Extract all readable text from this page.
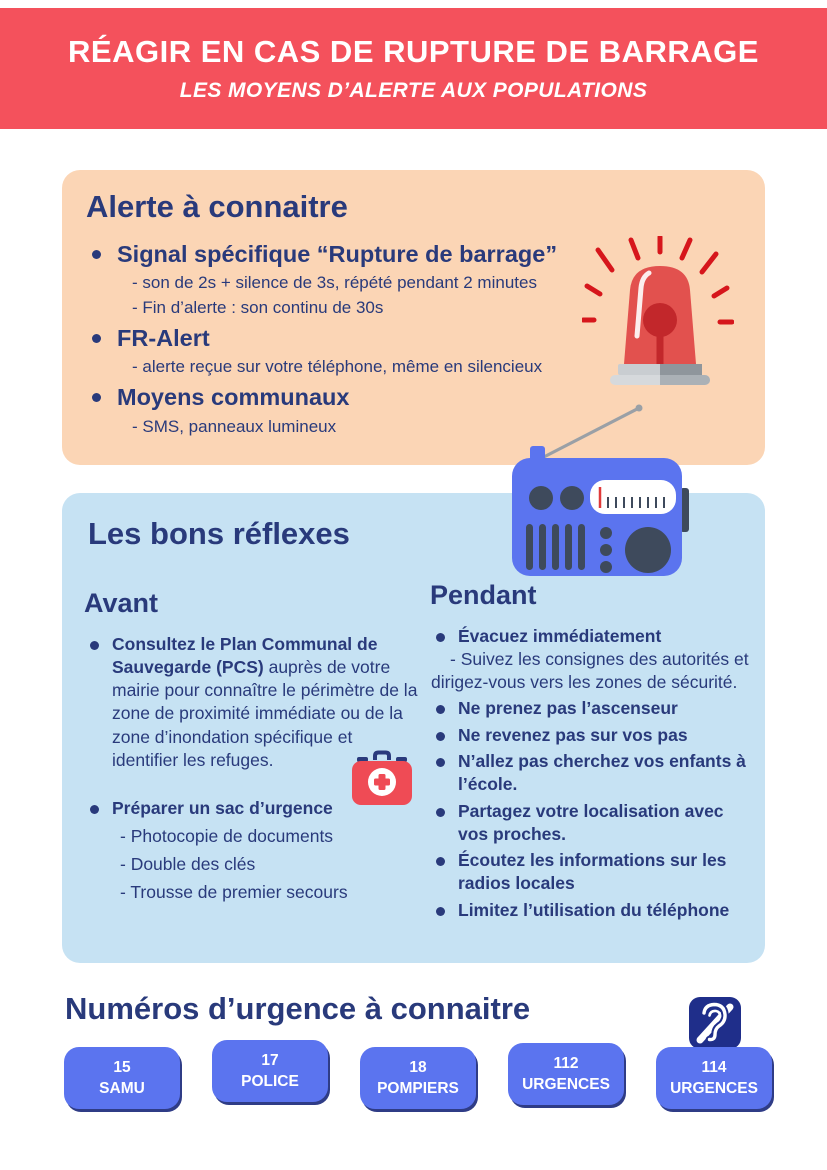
RÉAGIR EN CAS DE RUPTURE DE BARRAGE
LES MOYENS D’ALERTE AUX POPULATIONS
Alerte à connaitre
Signal spécifique “Rupture de barrage”
- son de 2s + silence de 3s, répété pendant 2 minutes
- Fin d’alerte : son continu de 30s
FR-Alert
- alerte reçue sur votre téléphone, même en silencieux
Moyens communaux
- SMS, panneaux lumineux
Les bons réflexes
Avant
Consultez le Plan Communal de Sauvegarde (PCS) auprès de votre mairie pour connaître le périmètre de la zone de proximité immédiate ou de la zone d’inondation spécifique et identifier les refuges.
Préparer un sac d’urgence
- Photocopie de documents
- Double des clés
- Trousse de premier secours
Pendant
Évacuez immédiatement
- Suivez les consignes des autorités et dirigez-vous vers les zones de sécurité.
Ne prenez pas l’ascenseur
Ne revenez pas sur vos pas
N’allez pas cherchez vos enfants à l’école.
Partagez votre localisation avec vos proches.
Écoutez les informations sur les radios locales
Limitez l’utilisation du téléphone
Numéros d’urgence à connaitre
15
SAMU
17
POLICE
18
POMPIERS
112
URGENCES
114
URGENCES
